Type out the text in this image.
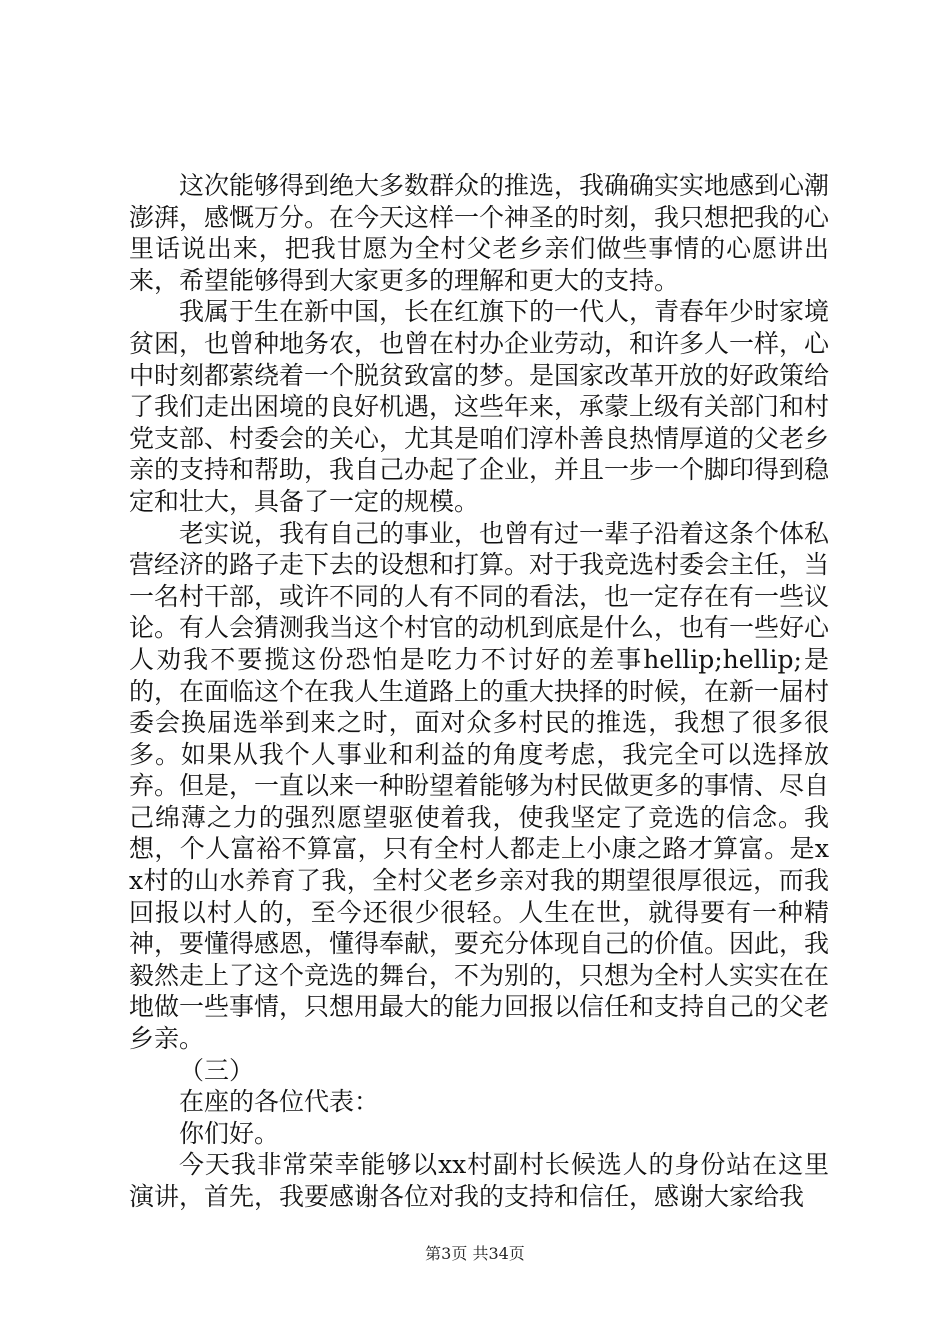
这次能够得到绝大多数群众的推选，我确确实实地感到心潮澎湃，感慨万分。在今天这样一个神圣的时刻，我只想把我的心里话说出来，把我甘愿为全村父老乡亲们做些事情的心愿讲出来，希望能够得到大家更多的理解和更大的支持。

我属于生在新中国，长在红旗下的一代人，青春年少时家境贫困，也曾种地务农，也曾在村办企业劳动，和许多人一样，心中时刻都萦绕着一个脱贫致富的梦。是国家改革开放的好政策给了我们走出困境的良好机遇，这些年来，承蒙上级有关部门和村党支部、村委会的关心，尤其是咱们淳朴善良热情厚道的父老乡亲的支持和帮助，我自己办起了企业，并且一步一个脚印得到稳定和壮大，具备了一定的规模。

老实说，我有自己的事业，也曾有过一辈子沿着这条个体私营经济的路子走下去的设想和打算。对于我竞选村委会主任，当一名村干部，或许不同的人有不同的看法，也一定存在有一些议论。有人会猜测我当这个村官的动机到底是什么，也有一些好心人劝我不要揽这份恐怕是吃力不讨好的差事hellip;hellip;是的，在面临这个在我人生道路上的重大抉择的时候，在新一届村委会换届选举到来之时，面对众多村民的推选，我想了很多很多。如果从我个人事业和利益的角度考虑，我完全可以选择放弃。但是，一直以来一种盼望着能够为村民做更多的事情、尽自己绵薄之力的强烈愿望驱使着我，使我坚定了竞选的信念。我想，个人富裕不算富，只有全村人都走上小康之路才算富。是xx村的山水养育了我，全村父老乡亲对我的期望很厚很远，而我回报以村人的，至今还很少很轻。人生在世，就得要有一种精神，要懂得感恩，懂得奉献，要充分体现自己的价值。因此，我毅然走上了这个竞选的舞台，不为别的，只想为全村人实实在在地做一些事情，只想用最大的能力回报以信任和支持自己的父老乡亲。

（三）

在座的各位代表：

你们好。

今天我非常荣幸能够以xx村副村长候选人的身份站在这里演讲，首先，我要感谢各位对我的支持和信任，感谢大家给我

第3页 共34页
